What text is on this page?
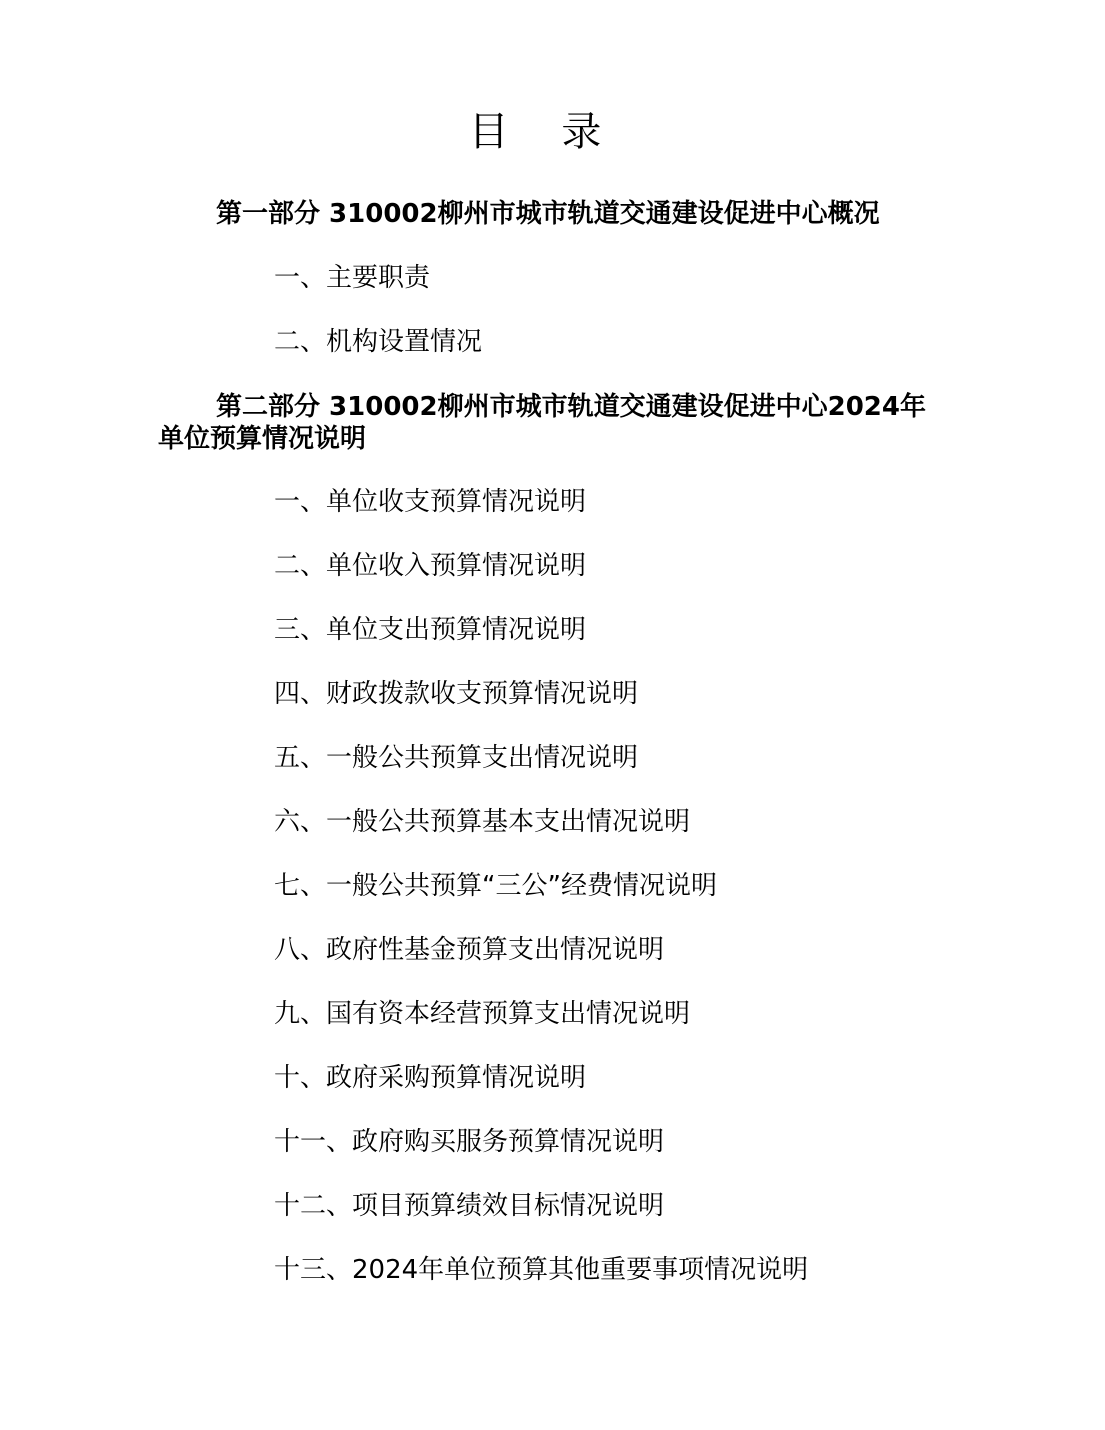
目 录
第一部分 310002柳州市城市轨道交通建设促进中心概况
一、主要职责
二、机构设置情况
第二部分 310002柳州市城市轨道交通建设促进中心2024年单位预算情况说明
一、单位收支预算情况说明
二、单位收入预算情况说明
三、单位支出预算情况说明
四、财政拨款收支预算情况说明
五、一般公共预算支出情况说明
六、一般公共预算基本支出情况说明
七、一般公共预算“三公”经费情况说明
八、政府性基金预算支出情况说明
九、国有资本经营预算支出情况说明
十、政府采购预算情况说明
十一、政府购买服务预算情况说明
十二、项目预算绩效目标情况说明
十三、2024年单位预算其他重要事项情况说明
